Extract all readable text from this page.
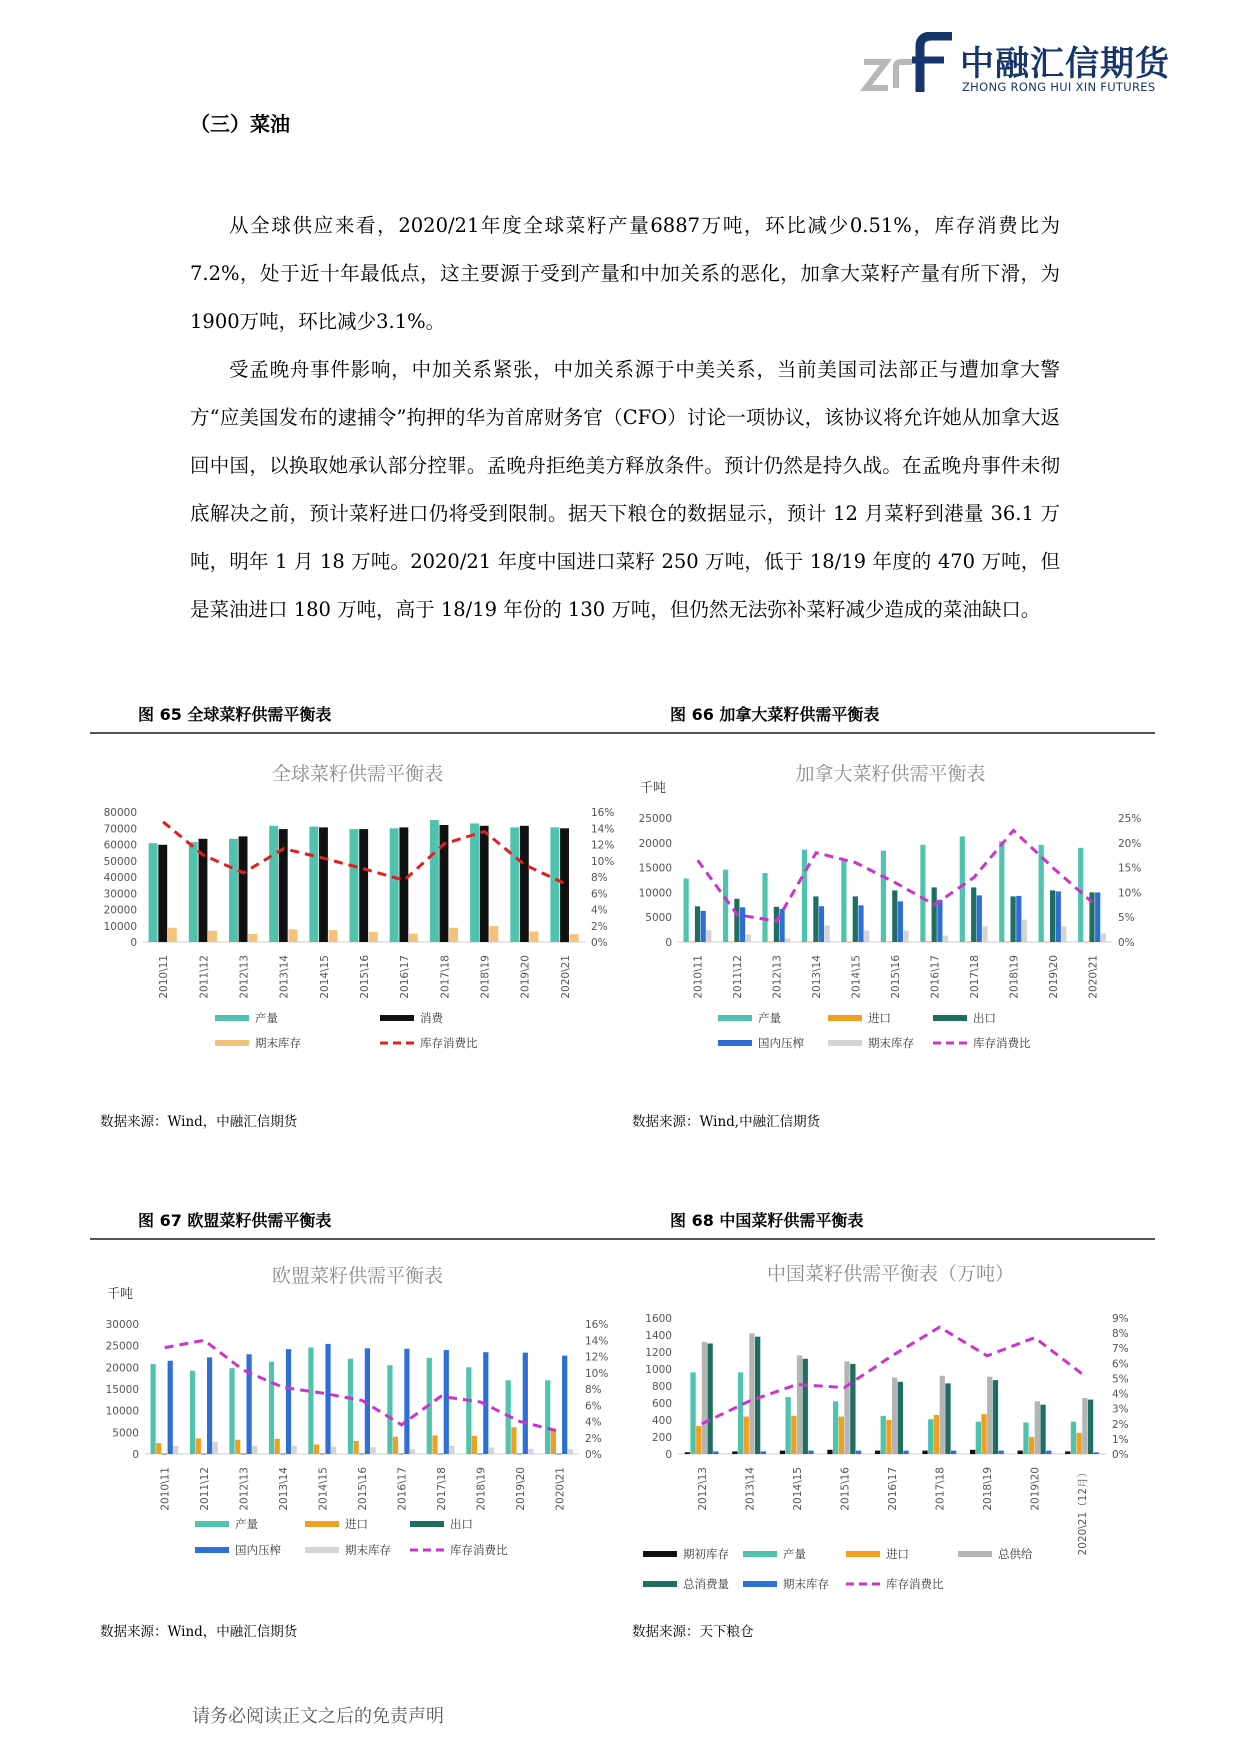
中融汇信期货
ZHONG RONG HUI XIN FUTURES
（三）菜油

从全球供应来看，2020/21年度全球菜籽产量6887万吨，环比减少0.51%，库存消费比为 7.2%，处于近十年最低点，这主要源于受到产量和中加关系的恶化，加拿大菜籽产量有所下滑，为1900万吨，环比减少3.1%。

受孟晚舟事件影响，中加关系紧张，中加关系源于中美关系，当前美国司法部正与遭加拿大警方“应美国发布的逮捕令”拘押的华为首席财务官（CFO）讨论一项协议，该协议将允许她从加拿大返回中国，以换取她承认部分控罪。孟晚舟拒绝美方释放条件。预计仍然是持久战。在孟晚舟事件未彻底解决之前，预计菜籽进口仍将受到限制。据天下粮仓的数据显示，预计 12 月菜籽到港量 36.1 万吨，明年 1 月 18 万吨。2020/21 年度中国进口菜籽 250 万吨，低于 18/19 年度的 470 万吨，但是菜油进口 180 万吨，高于 18/19 年份的 130 万吨，但仍然无法弥补菜籽减少造成的菜油缺口。

图 65 全球菜籽供需平衡表	图 66 加拿大菜籽供需平衡表
全球菜籽供需平衡表
80000
70000
60000
50000
40000
30000
20000
10000
0
16%
14%
12%
10%
8%
6%
4%
2%
0%
2010\11	2011\12	2012\13	2013\14	2014\15	2015\16	2016\17	2017\18	2018\19	2019\20	2020\21
产量	消费
期末库存	库存消费比
加拿大菜籽供需平衡表
千吨
25000
20000
15000
10000
5000
0
25%
20%
15%
10%
5%
0%
2010\11	2011\12	2012\13	2013\14	2014\15	2015\16	2016\17	2017\18	2018\19	2019\20	2020\21
产量	进口	出口
国内压榨	期末库存	库存消费比
数据来源：Wind，中融汇信期货	数据来源：Wind,中融汇信期货
图 67 欧盟菜籽供需平衡表	图 68 中国菜籽供需平衡表
欧盟菜籽供需平衡表
千吨
30000
25000
20000
15000
10000
5000
0
16%
14%
12%
10%
8%
6%
4%
2%
0%
2010\11	2011\12	2012\13	2013\14	2014\15	2015\16	2016\17	2017\18	2018\19	2019\20	2020\21
产量	进口	出口
国内压榨	期末库存	库存消费比
中国菜籽供需平衡表（万吨）
1600
1400
1200
1000
800
600
400
200
0
9%
8%
7%
6%
5%
4%
3%
2%
1%
0%
2012\13	2013\14	2014\15	2015\16	2016\17	2017\18	2018\19	2019\20	2020\21（12月）
期初库存	产量	进口	总供给
总消费量	期末库存	库存消费比
数据来源：Wind，中融汇信期货	数据来源：天下粮仓
请务必阅读正文之后的免责声明
